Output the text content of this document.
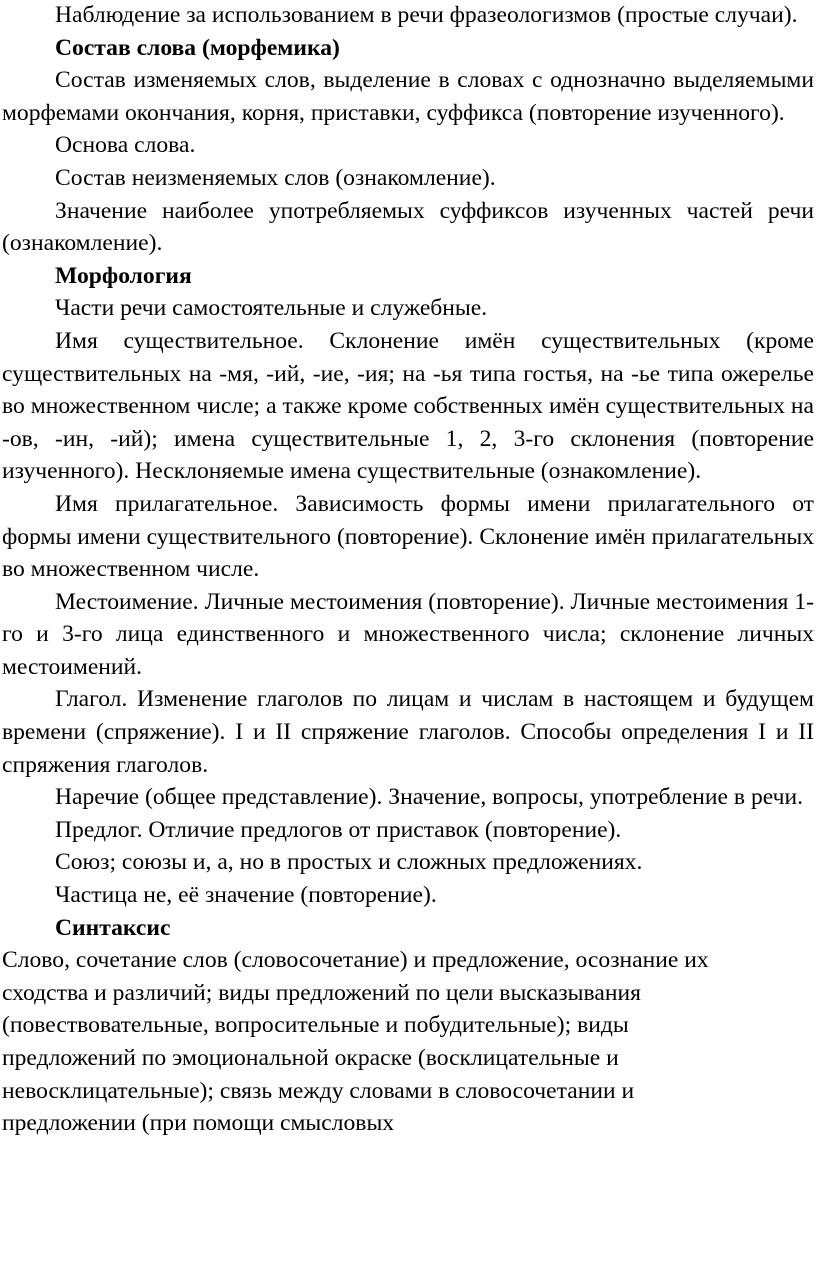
Наблюдение за использованием в речи фразеологизмов (простые случаи).

Состав слова (морфемика)

Состав изменяемых слов, выделение в словах с однозначно выделяемыми морфемами окончания, корня, приставки, суффикса (повторение изученного).

Основа слова.

Состав неизменяемых слов (ознакомление).

Значение наиболее употребляемых суффиксов изученных частей речи (ознакомление).

Морфология

Части речи самостоятельные и служебные.

Имя существительное. Склонение имён существительных (кроме существительных на -мя, -ий, -ие, -ия; на -ья типа гостья, на -ье типа ожерелье во множественном числе; а также кроме собственных имён существительных на -ов, -ин, -ий); имена существительные 1, 2, 3-го склонения (повторение изученного). Несклоняемые имена существительные (ознакомление).

Имя прилагательное. Зависимость формы имени прилагательного от формы имени существительного (повторение). Склонение имён прилагательных во множественном числе.

Местоимение. Личные местоимения (повторение). Личные местоимения 1-го и 3-го лица единственного и множественного числа; склонение личных местоимений.

Глагол. Изменение глаголов по лицам и числам в настоящем и будущем времени (спряжение). I и II спряжение глаголов. Способы определения I и II спряжения глаголов.

Наречие (общее представление). Значение, вопросы, употребление в речи.

Предлог. Отличие предлогов от приставок (повторение).

Союз; союзы и, а, но в простых и сложных предложениях.

Частица не, её значение (повторение).

Синтаксис

Слово, сочетание слов (словосочетание) и предложение, осознание их

сходства и различий; виды предложений по цели высказывания

(повествовательные, вопросительные и побудительные); виды

предложений по эмоциональной окраске (восклицательные и

невосклицательные); связь между словами в словосочетании и

предложении (при помощи смысловых
